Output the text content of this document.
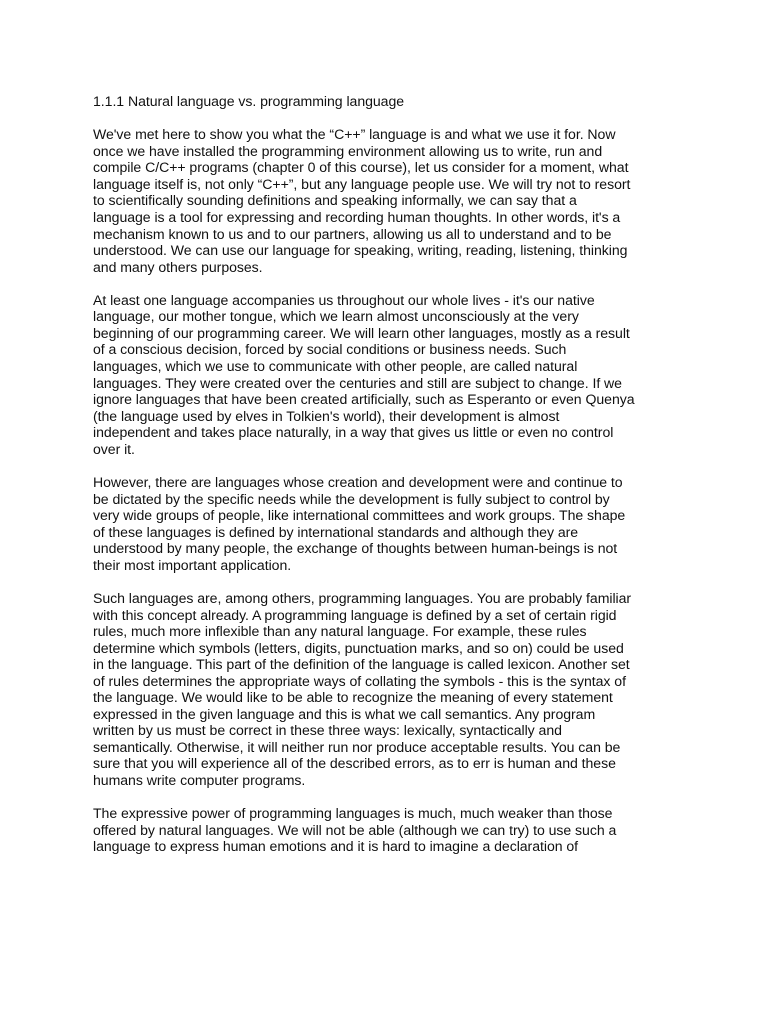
1.1.1 Natural language vs. programming language

We've met here to show you what the “C++” language is and what we use it for. Now once we have installed the programming environment allowing us to write, run and compile C/C++ programs (chapter 0 of this course), let us consider for a moment, what language itself is, not only “C++”, but any language people use. We will try not to resort to scientifically sounding definitions and speaking informally, we can say that a language is a tool for expressing and recording human thoughts. In other words, it's a mechanism known to us and to our partners, allowing us all to understand and to be understood. We can use our language for speaking, writing, reading, listening, thinking and many others purposes.

At least one language accompanies us throughout our whole lives - it's our native language, our mother tongue, which we learn almost unconsciously at the very beginning of our programming career. We will learn other languages, mostly as a result of a conscious decision, forced by social conditions or business needs. Such languages, which we use to communicate with other people, are called natural languages. They were created over the centuries and still are subject to change. If we ignore languages that have been created artificially, such as Esperanto or even Quenya (the language used by elves in Tolkien's world), their development is almost independent and takes place naturally, in a way that gives us little or even no control over it.

However, there are languages whose creation and development were and continue to be dictated by the specific needs while the development is fully subject to control by very wide groups of people, like international committees and work groups. The shape of these languages is defined by international standards and although they are understood by many people, the exchange of thoughts between human-beings is not their most important application.

Such languages are, among others, programming languages. You are probably familiar with this concept already. A programming language is defined by a set of certain rigid rules, much more inflexible than any natural language. For example, these rules determine which symbols (letters, digits, punctuation marks, and so on) could be used in the language. This part of the definition of the language is called lexicon. Another set of rules determines the appropriate ways of collating the symbols - this is the syntax of the language. We would like to be able to recognize the meaning of every statement expressed in the given language and this is what we call semantics. Any program written by us must be correct in these three ways: lexically, syntactically and semantically. Otherwise, it will neither run nor produce acceptable results. You can be sure that you will experience all of the described errors, as to err is human and these humans write computer programs.

The expressive power of programming languages is much, much weaker than those offered by natural languages. We will not be able (although we can try) to use such a language to express human emotions and it is hard to imagine a declaration of
